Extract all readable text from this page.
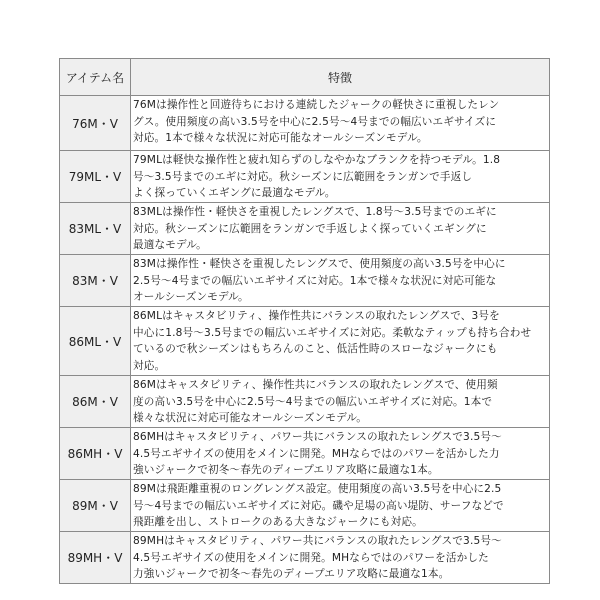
アイテム名	特徴
76M・V	76Mは操作性と回遊待ちにおける連続したジャークの軽快さに重視したレン
グス。使用頻度の高い3.5号を中心に2.5号〜4号までの幅広いエギサイズに
対応。1本で様々な状況に対応可能なオールシーズンモデル。

79ML・V	79MLは軽快な操作性と疲れ知らずのしなやかなブランクを持つモデル。1.8
号〜3.5号までのエギに対応。秋シーズンに広範囲をランガンで手返し
よく探っていくエギングに最適なモデル。

83ML・V	83MLは操作性・軽快さを重視したレングスで、1.8号〜3.5号までのエギに
対応。秋シーズンに広範囲をランガンで手返しよく探っていくエギングに
最適なモデル。

83M・V	83Mは操作性・軽快さを重視したレングスで、使用頻度の高い3.5号を中心に
2.5号〜4号までの幅広いエギサイズに対応。1本で様々な状況に対応可能な
オールシーズンモデル。

86ML・V	86MLはキャスタビリティ、操作性共にバランスの取れたレングスで、3号を
中心に1.8号〜3.5号までの幅広いエギサイズに対応。柔軟なティップも持ち合わせ
ているので秋シーズンはもちろんのこと、低活性時のスローなジャークにも
対応。

86M・V	86Mはキャスタビリティ、操作性共にバランスの取れたレングスで、使用頻
度の高い3.5号を中心に2.5号〜4号までの幅広いエギサイズに対応。1本で
様々な状況に対応可能なオールシーズンモデル。

86MH・V	86MHはキャスタビリティ、パワー共にバランスの取れたレングスで3.5号〜
4.5号エギサイズの使用をメインに開発。MHならではのパワーを活かした力
強いジャークで初冬〜春先のディープエリア攻略に最適な1本。

89M・V	89Mは飛距離重視のロングレングス設定。使用頻度の高い3.5号を中心に2.5
号〜4号までの幅広いエギサイズに対応。磯や足場の高い堤防、サーフなどで
飛距離を出し、ストロークのある大きなジャークにも対応。

89MH・V	89MHはキャスタビリティ、パワー共にバランスの取れたレングスで3.5号〜
4.5号エギサイズの使用をメインに開発。MHならではのパワーを活かした
力強いジャークで初冬〜春先のディープエリア攻略に最適な1本。
